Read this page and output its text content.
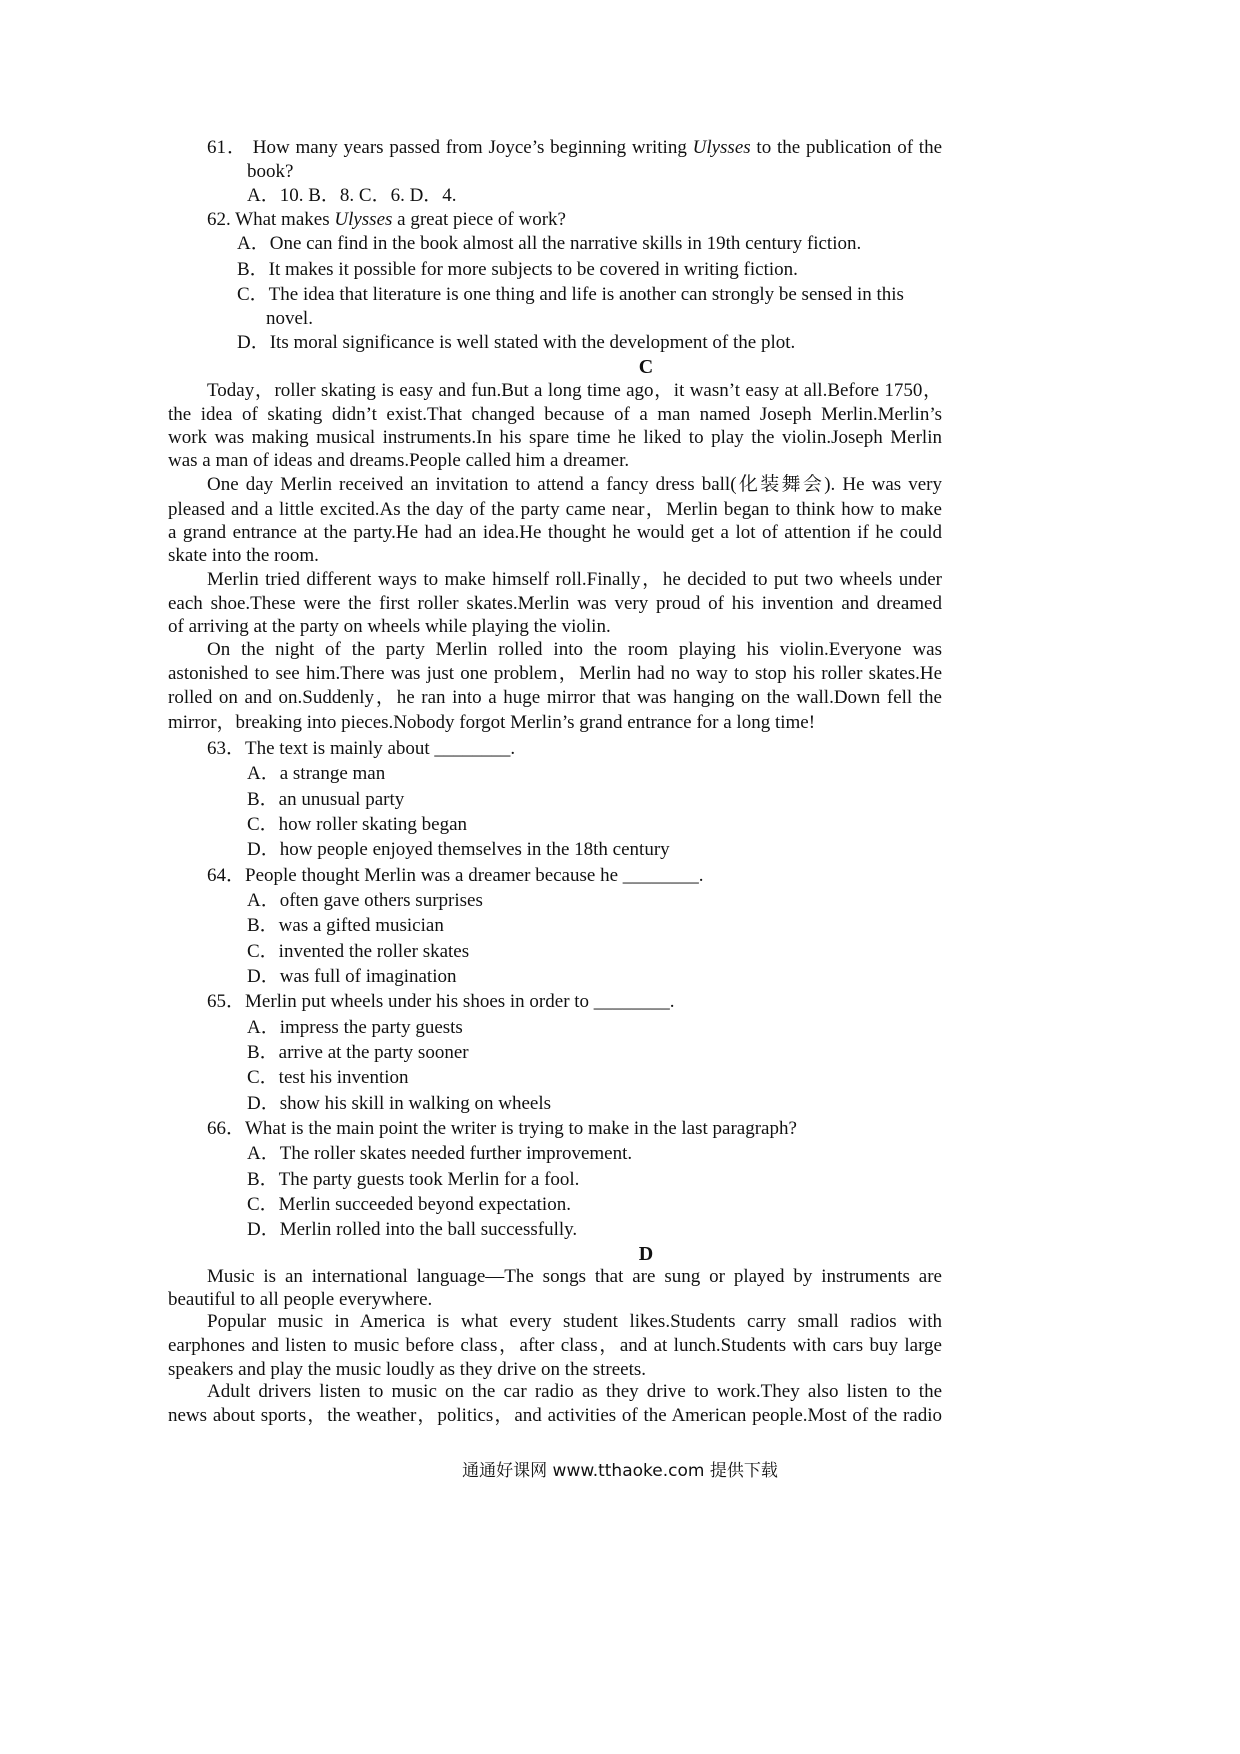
61． How many years passed from Joyce’s beginning writing Ulysses to the publication of the
book?
A．10. B．8. C．6. D．4.
62. What makes Ulysses a great piece of work?
A．One can find in the book almost all the narrative skills in 19th century fiction.
B．It makes it possible for more subjects to be covered in writing fiction.
C．The idea that literature is one thing and life is another can strongly be sensed in this
novel.
D．Its moral significance is well stated with the development of the plot.
C
Today，roller skating is easy and fun.But a long time ago，it wasn’t easy at all.Before 1750，
the idea of skating didn’t exist.That changed because of a man named Joseph Merlin.Merlin’s
work was making musical instruments.In his spare time he liked to play the violin.Joseph Merlin
was a man of ideas and dreams.People called him a dreamer.
One day Merlin received an invitation to attend a fancy dress ball(化装舞会). He was very
pleased and a little excited.As the day of the party came near，Merlin began to think how to make
a grand entrance at the party.He had an idea.He thought he would get a lot of attention if he could
skate into the room.
Merlin tried different ways to make himself roll.Finally，he decided to put two wheels under
each shoe.These were the first roller skates.Merlin was very proud of his invention and dreamed
of arriving at the party on wheels while playing the violin.
On the night of the party Merlin rolled into the room playing his violin.Everyone was
astonished to see him.There was just one problem，Merlin had no way to stop his roller skates.He
rolled on and on.Suddenly，he ran into a huge mirror that was hanging on the wall.Down fell the
mirror，breaking into pieces.Nobody forgot Merlin’s grand entrance for a long time!
63．The text is mainly about ________.
A．a strange man
B．an unusual party
C．how roller skating began
D．how people enjoyed themselves in the 18th century
64．People thought Merlin was a dreamer because he ________.
A．often gave others surprises
B．was a gifted musician
C．invented the roller skates
D．was full of imagination
65．Merlin put wheels under his shoes in order to ________.
A．impress the party guests
B．arrive at the party sooner
C．test his invention
D．show his skill in walking on wheels
66．What is the main point the writer is trying to make in the last paragraph?
A．The roller skates needed further improvement.
B．The party guests took Merlin for a fool.
C．Merlin succeeded beyond expectation.
D．Merlin rolled into the ball successfully.
D
Music is an international language—The songs that are sung or played by instruments are
beautiful to all people everywhere.
Popular music in America is what every student likes.Students carry small radios with
earphones and listen to music before class，after class，and at lunch.Students with cars buy large
speakers and play the music loudly as they drive on the streets.
Adult drivers listen to music on the car radio as they drive to work.They also listen to the
news about sports，the weather，politics，and activities of the American people.Most of the radio
通通好课网 www.tthaoke.com 提供下载
